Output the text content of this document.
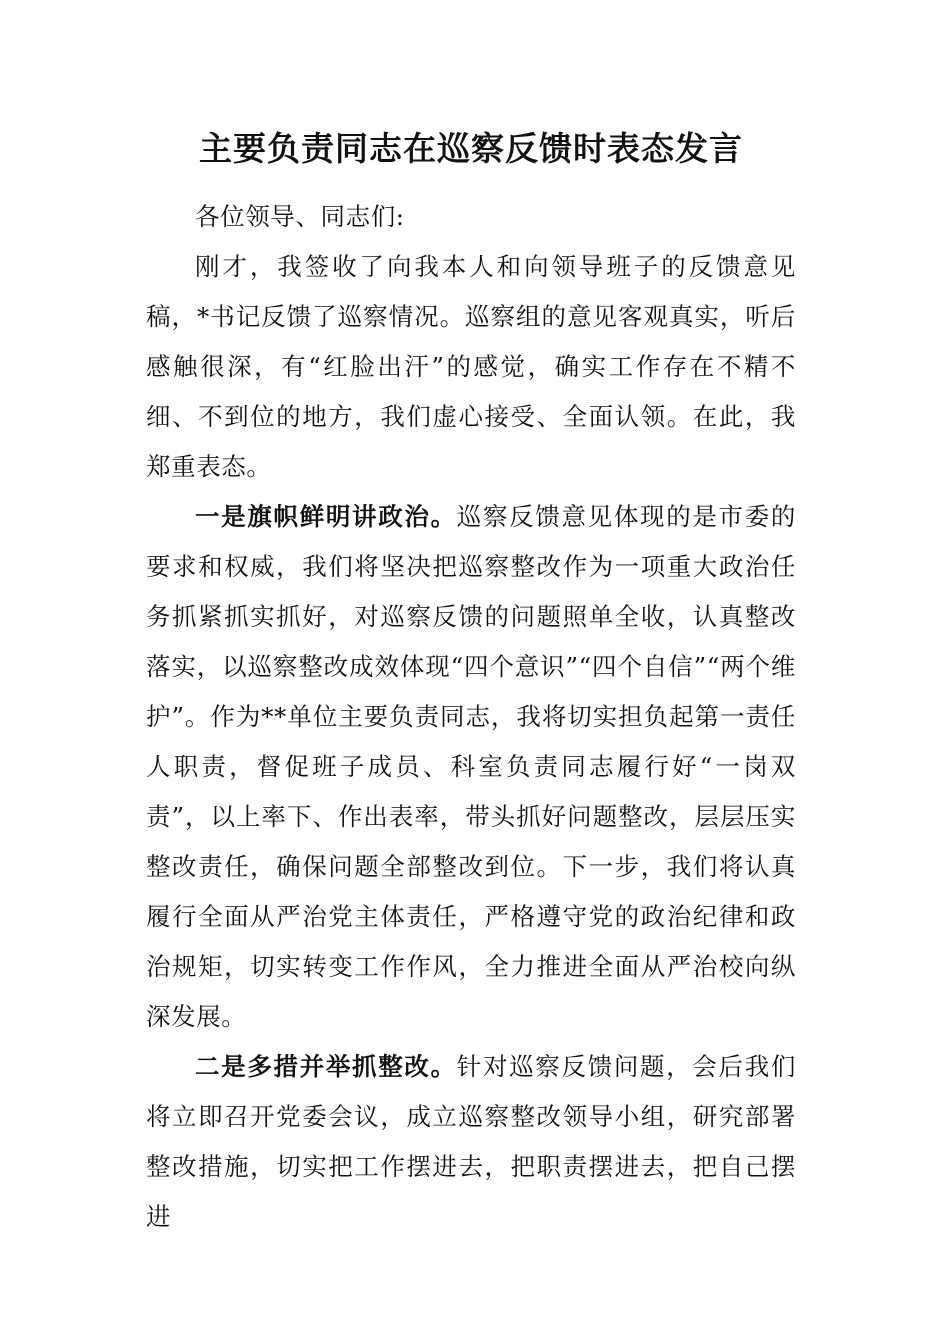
主要负责同志在巡察反馈时表态发言

各位领导、同志们:

刚才，我签收了向我本人和向领导班子的反馈意见稿，*书记反馈了巡察情况。巡察组的意见客观真实，听后感触很深，有“红脸出汗”的感觉，确实工作存在不精不细、不到位的地方，我们虚心接受、全面认领。在此，我郑重表态。

一是旗帜鲜明讲政治。巡察反馈意见体现的是市委的要求和权威，我们将坚决把巡察整改作为一项重大政治任务抓紧抓实抓好，对巡察反馈的问题照单全收，认真整改落实，以巡察整改成效体现“四个意识”“四个自信”“两个维护”。作为**单位主要负责同志，我将切实担负起第一责任人职责，督促班子成员、科室负责同志履行好“一岗双责”，以上率下、作出表率，带头抓好问题整改，层层压实整改责任，确保问题全部整改到位。下一步，我们将认真履行全面从严治党主体责任，严格遵守党的政治纪律和政治规矩，切实转变工作作风，全力推进全面从严治校向纵深发展。

二是多措并举抓整改。针对巡察反馈问题，会后我们将立即召开党委会议，成立巡察整改领导小组，研究部署整改措施，切实把工作摆进去，把职责摆进去，把自己摆进
